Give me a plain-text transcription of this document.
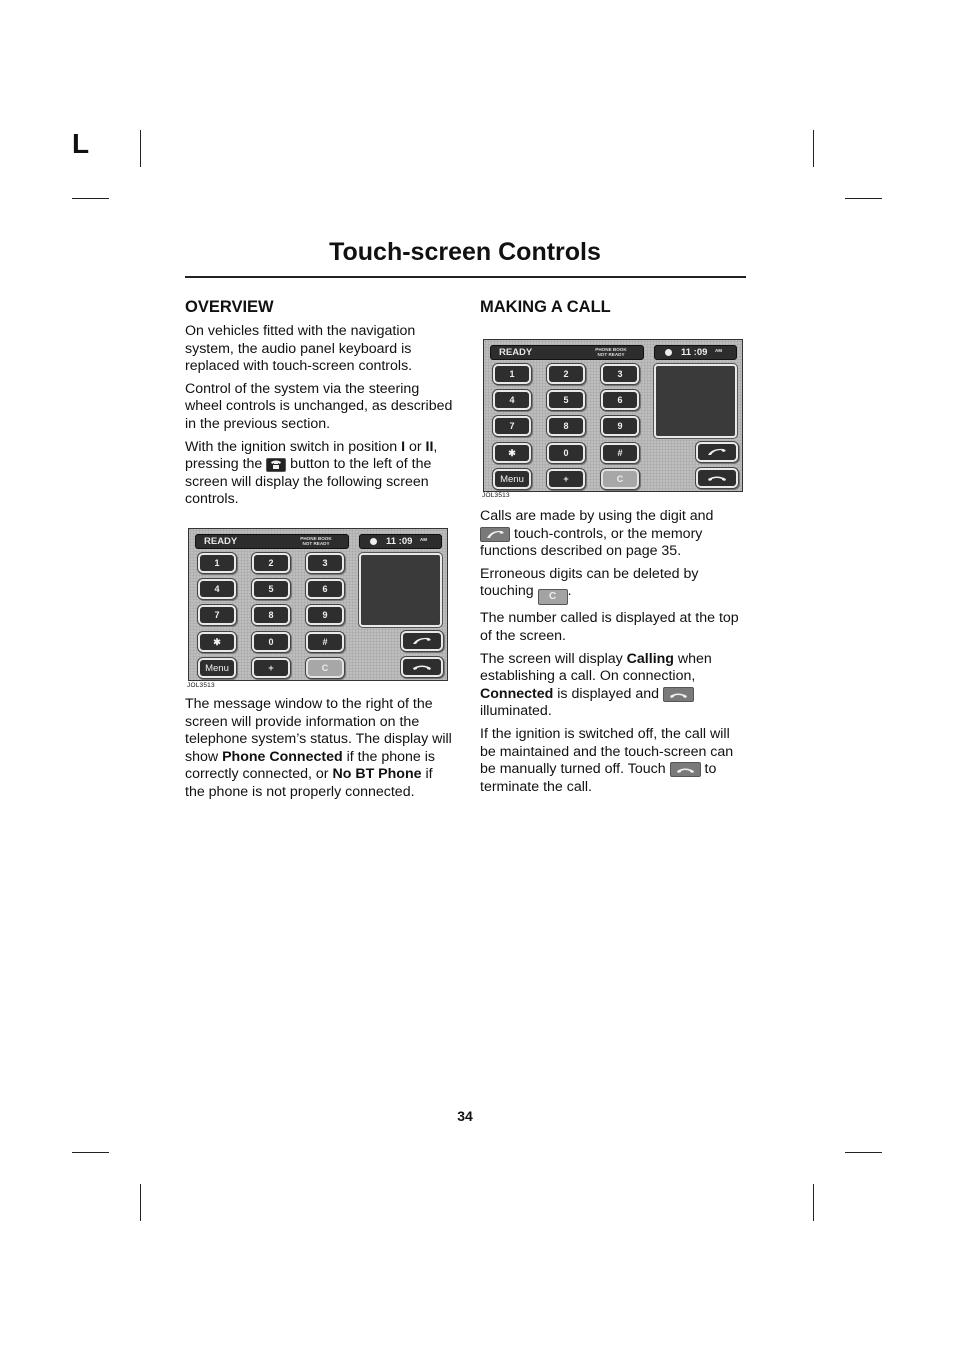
L
Touch-screen Controls
OVERVIEW

On vehicles fitted with the navigation system, the audio panel keyboard is replaced with touch-screen controls.

Control of the system via the steering wheel controls is unchanged, as described in the previous section.

With the ignition switch in position I or II, pressing the  button to the left of the screen will display the following screen controls.

READY	PHONE BOOK
NOT READY	11 :09 AM
1	2	3
4	5	6
7	8	9
✱	0	#
Menu	+	C
JOL3513

The message window to the right of the screen will provide information on the telephone system’s status. The display will show Phone Connected if the phone is correctly connected, or No BT Phone if the phone is not properly connected.

MAKING A CALL
READY	PHONE BOOK
NOT READY	11 :09 AM
1	2	3
4	5	6
7	8	9
✱	0	#
Menu	+	C
JOL3513

Calls are made by using the digit and  touch-controls, or the memory functions described on page 35.

Erroneous digits can be deleted by touching C .

The number called is displayed at the top of the screen.

The screen will display Calling when establishing a call. On connection, Connected is displayed and  illuminated.

If the ignition is switched off, the call will be maintained and the touch-screen can be manually turned off. Touch  to terminate the call.

34
